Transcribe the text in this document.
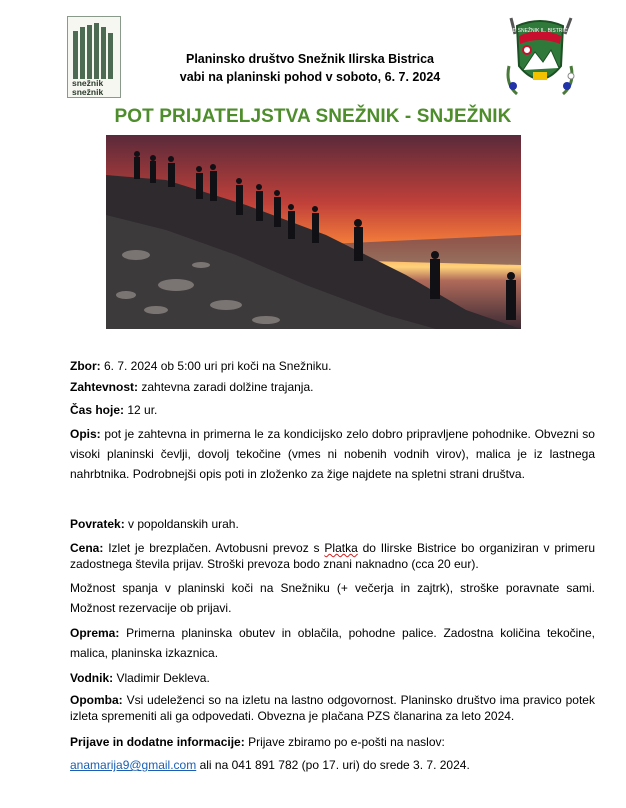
snežnik
snežnik
PD SNEŽNIK IL. BISTRICA
Planinsko društvo Snežnik Ilirska Bistrica
vabi na planinski pohod v soboto, 6. 7. 2024
POT PRIJATELJSTVA SNEŽNIK - SNJEŽNIK

Zbor: 6. 7. 2024 ob 5:00 uri pri koči na Snežniku.

Zahtevnost: zahtevna zaradi dolžine trajanja.

Čas hoje: 12 ur.

Opis: pot je zahtevna in primerna le za kondicijsko zelo dobro pripravljene pohodnike. Obvezni so visoki planinski čevlji, dovolj tekočine (vmes ni nobenih vodnih virov), malica je iz lastnega nahrbtnika. Podrobnejši opis poti in zloženko za žige najdete na spletni strani društva.

Povratek: v popoldanskih urah.

Cena: Izlet je brezplačen. Avtobusni prevoz s Platka do Ilirske Bistrice bo organiziran v primeru zadostnega števila prijav. Stroški prevoza bodo znani naknadno (cca 20 eur).

Možnost spanja v planinski koči na Snežniku (+ večerja in zajtrk), stroške poravnate sami. Možnost rezervacije ob prijavi.

Oprema: Primerna planinska obutev in oblačila, pohodne palice. Zadostna količina tekočine, malica, planinska izkaznica.

Vodnik: Vladimir Dekleva.

Opomba: Vsi udeleženci so na izletu na lastno odgovornost. Planinsko društvo ima pravico potek izleta spremeniti ali ga odpovedati. Obvezna je plačana PZS članarina za leto 2024.

Prijave in dodatne informacije: Prijave zbiramo po e-pošti na naslov:

anamarija9@gmail.com ali na 041 891 782 (po 17. uri) do srede 3. 7. 2024.
